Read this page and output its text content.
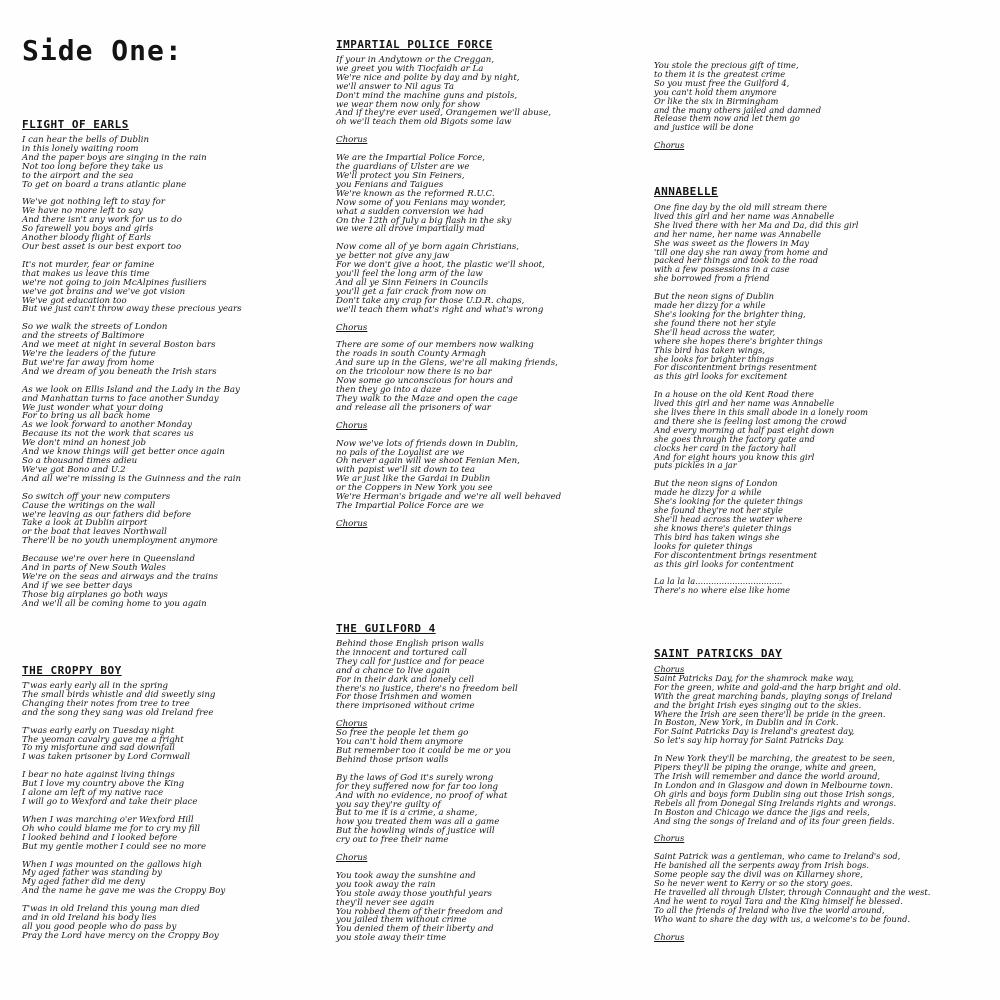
Side One:
FLIGHT OF EARLS
I can hear the bells of Dublin
in this lonely waiting room
And the paper boys are singing in the rain
Not too long before they take us
to the airport and the sea
To get on board a trans atlantic plane
We've got nothing left to stay for
We have no more left to say
And there isn't any work for us to do
So farewell you boys and girls
Another bloody flight of Earls
Our best asset is our best export too
It's not murder, fear or famine
that makes us leave this time
we're not going to join McAlpines fusiliers
we've got brains and we've got vision
We've got education too
But we just can't throw away these precious years
So we walk the streets of London
and the streets of Baltimore
And we meet at night in several Boston bars
We're the leaders of the future
But we're far away from home
And we dream of you beneath the Irish stars
As we look on Ellis Island and the Lady in the Bay
and Manhattan turns to face another Sunday
We just wonder what your doing
For to bring us all back home
As we look forward to another Monday
Because its not the work that scares us
We don't mind an honest job
And we know things will get better once again
So a thousand times adieu
We've got Bono and U.2
And all we're missing is the Guinness and the rain
So switch off your new computers
Cause the writings on the wall
we're leaving as our fathers did before
Take a look at Dublin airport
or the boat that leaves Northwall
There'll be no youth unemployment anymore
Because we're over here in Queensland
And in parts of New South Wales
We're on the seas and airways and the trains
And if we see better days
Those big airplanes go both ways
And we'll all be coming home to you again
THE CROPPY BOY
T'was early early all in the spring
The small birds whistle and did sweetly sing
Changing their notes from tree to tree
and the song they sang was old Ireland free
T'was early early on Tuesday night
The yeoman cavalry gave me a fright
To my misfortune and sad downfall
I was taken prisoner by Lord Cornwall
I bear no hate against living things
But I love my country above the King
I alone am left of my native race
I will go to Wexford and take their place
When I was marching o'er Wexford Hill
Oh who could blame me for to cry my fill
I looked behind and I looked before
But my gentle mother I could see no more
When I was mounted on the gallows high
My aged father was standing by
My aged father did me deny
And the name he gave me was the Croppy Boy
T'was in old Ireland this young man died
and in old Ireland his body lies
all you good people who do pass by
Pray the Lord have mercy on the Croppy Boy
IMPARTIAL POLICE FORCE
If your in Andytown or the Creggan,
we greet you with Tiocfaidh ar La
We're nice and polite by day and by night,
we'll answer to Nil agus Ta
Don't mind the machine guns and pistols,
we wear them now only for show
And if they're ever used, Orangemen we'll abuse,
oh we'll teach them old Bigots some law
Chorus
We are the Impartial Police Force,
the guardians of Ulster are we
We'll protect you Sin Feiners,
you Fenians and Taigues
We're known as the reformed R.U.C.
Now some of you Fenians may wonder,
what a sudden conversion we had
On the 12th of July a big flash in the sky
we were all drove impartially mad
Now come all of ye born again Christians,
ye better not give any jaw
For we don't give a hoot, the plastic we'll shoot,
you'll feel the long arm of the law
And all ye Sinn Feiners in Councils
you'll get a fair crack from now on
Don't take any crap for those U.D.R. chaps,
we'll teach them what's right and what's wrong
Chorus
There are some of our members now walking
the roads in south County Armagh
And sure up in the Glens, we're all making friends,
on the tricolour now there is no bar
Now some go unconscious for hours and
then they go into a daze
They walk to the Maze and open the cage
and release all the prisoners of war
Chorus
Now we've lots of friends down in Dublin,
no pals of the Loyalist are we
Oh never again will we shoot Fenian Men,
with papist we'll sit down to tea
We ar just like the Gardai in Dublin
or the Coppers in New York you see
We're Herman's brigade and we're all well behaved
The Impartial Police Force are we
Chorus
THE GUILFORD 4
Behind those English prison walls
the innocent and tortured call
They call for justice and for peace
and a chance to live again
For in their dark and lonely cell
there's no justice, there's no freedom bell
For those Irishmen and women
there imprisoned without crime
Chorus
So free the people let them go
You can't hold them anymore
But remember too it could be me or you
Behind those prison walls
By the laws of God it's surely wrong
for they suffered now for far too long
And with no evidence, no proof of what
you say they're guilty of
But to me it is a crime, a shame,
how you treated them was all a game
But the howling winds of justice will
cry out to free their name
Chorus
You took away the sunshine and
you took away the rain
You stole away those youthful years
they'll never see again
You robbed them of their freedom and
you jailed them without crime
You denied them of their liberty and
you stole away their time
You stole the precious gift of time,
to them it is the greatest crime
So you must free the Guilford 4,
you can't hold them anymore
Or like the six in Birmingham
and the many others jailed and damned
Release them now and let them go
and justice will be done
Chorus
ANNABELLE
One fine day by the old mill stream there
lived this girl and her name was Annabelle
She lived there with her Ma and Da, did this girl
and her name, her name was Annabelle
She was sweet as the flowers in May
'till one day she ran away from home and
packed her things and took to the road
with a few possessions in a case
she borrowed from a friend
But the neon signs of Dublin
made her dizzy for a while
She's looking for the brighter thing,
she found there not her style
She'll head across the water,
where she hopes there's brighter things
This bird has taken wings,
she looks for brighter things
For discontentment brings resentment
as this girl looks for excitement
In a house on the old Kent Road there
lived this girl and her name was Annabelle
she lives there in this small abode in a lonely room
and there she is feeling lost among the crowd
And every morning at half past eight down
she goes through the factory gate and
clocks her card in the factory hall
And for eight hours you know this girl
puts pickles in a jar
But the neon signs of London
made he dizzy for a while
She's looking for the quieter things
she found they're not her style
She'll head across the water where
she knows there's quieter things
This bird has taken wings she
looks for quieter things
For discontentment brings resentment
as this girl looks for contentment
La la la la.................................
There's no where else like home
SAINT PATRICKS DAY
Chorus
Saint Patricks Day, for the shamrock make way,
For the green, white and gold-and the harp bright and old.
With the great marching bands, playing songs of Ireland
and the bright Irish eyes singing out to the skies.
Where the Irish are seen there'll be pride in the green.
In Boston, New York, in Dublin and in Cork.
For Saint Patricks Day is Ireland's greatest day,
So let's say hip horray for Saint Patricks Day.
In New York they'll be marching, the greatest to be seen,
Pipers they'll be piping the orange, white and green,
The Irish will remember and dance the world around,
In London and in Glasgow and down in Melbourne town.
Oh girls and boys form Dublin sing out those Irish songs,
Rebels all from Donegal Sing Irelands rights and wrongs.
In Boston and Chicago we dance the jigs and reels,
And sing the songs of Ireland and of its four green fields.
Chorus
Saint Patrick was a gentleman, who came to Ireland's sod,
He banished all the serpents away from Irish bogs.
Some people say the divil was on Killarney shore,
So he never went to Kerry or so the story goes.
He travelled all through Ulster, through Connaught and the west.
And he went to royal Tara and the King himself he blessed.
To all the friends of Ireland who live the world around,
Who want to share the day with us, a welcome's to be found.
Chorus
